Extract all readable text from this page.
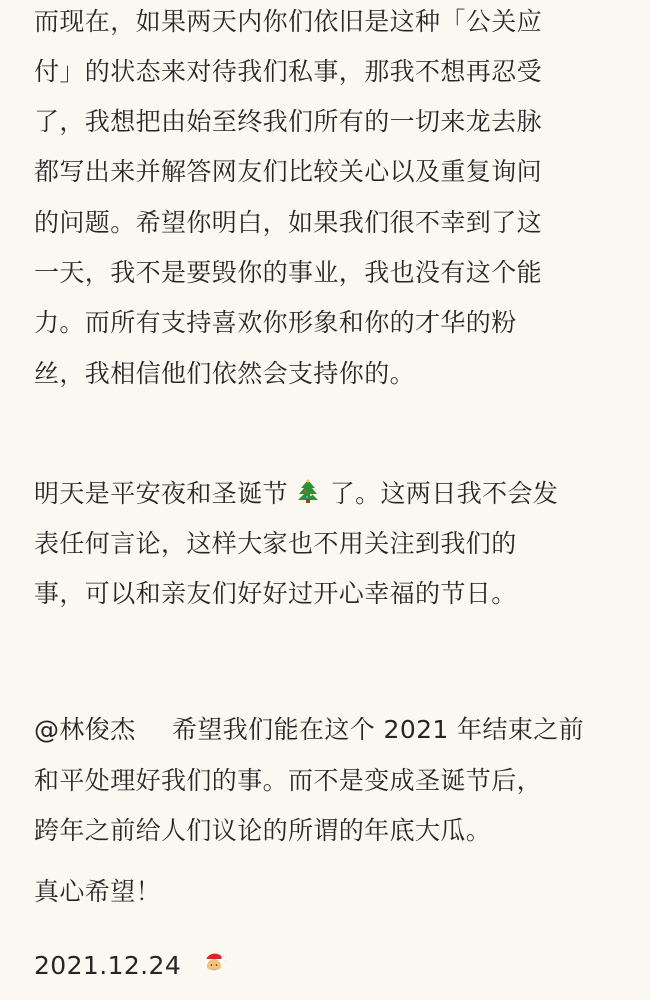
而现在，如果两天内你们依旧是这种「公关应
付」的状态来对待我们私事，那我不想再忍受
了，我想把由始至终我们所有的一切来龙去脉
都写出来并解答网友们比较关心以及重复询问
的问题。希望你明白，如果我们很不幸到了这
一天，我不是要毁你的事业，我也没有这个能
力。而所有支持喜欢你形象和你的才华的粉
丝，我相信他们依然会支持你的。
明天是平安夜和圣诞节 了。这两日我不会发
表任何言论，这样大家也不用关注到我们的
事，可以和亲友们好好过开心幸福的节日。
@林俊杰 希望我们能在这个 2021 年结束之前
和平处理好我们的事。而不是变成圣诞节后，
跨年之前给人们议论的所谓的年底大瓜。
真心希望！
2021.12.24
